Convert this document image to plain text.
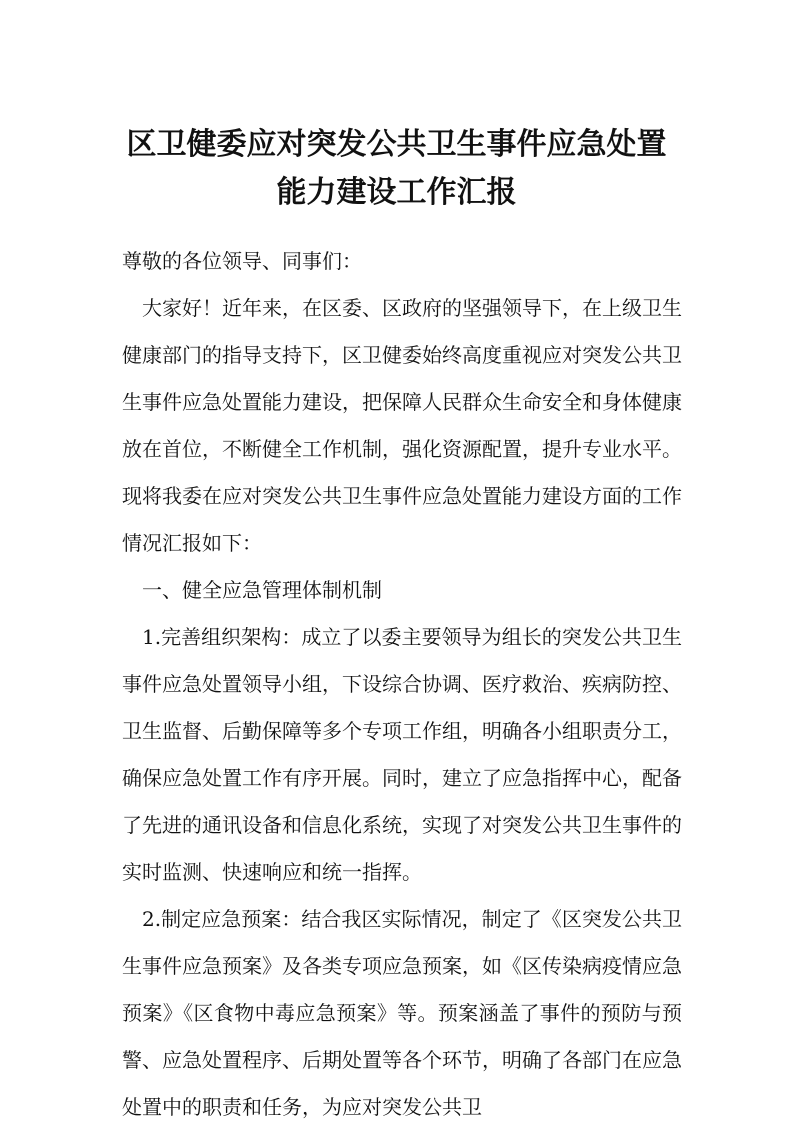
区卫健委应对突发公共卫生事件应急处置
能力建设工作汇报

尊敬的各位领导、同事们：

大家好！近年来，在区委、区政府的坚强领导下，在上级卫生健康部门的指导支持下，区卫健委始终高度重视应对突发公共卫生事件应急处置能力建设，把保障人民群众生命安全和身体健康放在首位，不断健全工作机制，强化资源配置，提升专业水平。现将我委在应对突发公共卫生事件应急处置能力建设方面的工作情况汇报如下：

一、健全应急管理体制机制

1.完善组织架构：成立了以委主要领导为组长的突发公共卫生事件应急处置领导小组，下设综合协调、医疗救治、疾病防控、卫生监督、后勤保障等多个专项工作组，明确各小组职责分工，确保应急处置工作有序开展。同时，建立了应急指挥中心，配备了先进的通讯设备和信息化系统，实现了对突发公共卫生事件的实时监测、快速响应和统一指挥。

2.制定应急预案：结合我区实际情况，制定了《区突发公共卫生事件应急预案》及各类专项应急预案，如《区传染病疫情应急预案》《区食物中毒应急预案》等。预案涵盖了事件的预防与预警、应急处置程序、后期处置等各个环节，明确了各部门在应急处置中的职责和任务，为应对突发公共卫
